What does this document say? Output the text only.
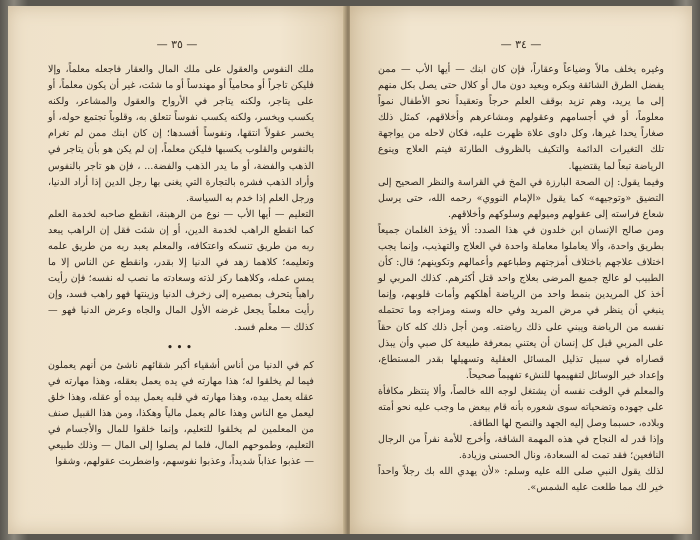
— ٣٥ —

ملك النفوس والعقول على ملك المال والعقار فاجعله معلماً، وإلا فليكن تاجراً أو محامياً أو مهندساً أو ما شئت، غير أن يكون معلماً، أو على يتاجر، ولكنه يتاجر في الأرواح والعقول والمشاعر، ولكنه يكسب ويخسر، ولكنه يكسب نفوساً تتعلق به، وقلوباً تجتمع حوله، أو يخسر عقولاً انتقها، ونفوساً أفسدها؛ إن كان ابنك ممن لم تغرام بالنفوس والقلوب يكسبها فليكن معلماً، إن لم يكن هو بأن يتاجر في الذهب والفضة، أو ما يدر الذهب والفضة... ، فإن هو تاجر بالنفوس وأراد الذهب فشره بالتجارة التي يغنى بها رجل الدين إذا أراد الدنيا، ورجل العلم إذا خدم به السياسة.

التعليم — أيها الأب — نوع من الرهبنة، انقطع صاحبه لخدمة العلم كما انقطع الراهب لخدمة الدين، أو إن شئت فقل إن الراهب يبعد ربه من طريق تنسكه واعتكافه، والمعلم يعبد ربه من طريق علمه وتعليمه؛ كلاهما زهد في الدنيا إلا بقدر، وانقطع عن الناس إلا ما يمس عمله، وكلاهما ركز لذته وسعادته ما نصب له نفسه؛ فإن رأيت راهباً يتحرف بمصيره إلى زخرف الدنيا وزينتها فهو راهب فسد، وإن رأيت معلماً يجعل غرضه الأول المال والجاه وعرض الدنيا فهو — كذلك — معلم فسد.

•••

كم في الدنيا من أناس أشقياء أكبر شقائهم ناشئ من أنهم يعملون فيما لم يخلقوا له؛ هذا مهارته في يده يعمل بعقله، وهذا مهارته في عقله يعمل بيده، وهذا مهارته في قلبه يعمل بيده أو عقله، وهذا خلق ليعمل مع الناس وهذا عالم يعمل مالياً وهكذا، ومن هذا القبيل صنف من المعلمين لم يخلقوا للتعليم، وإنما خلقوا للمال والأجسام في التعليم، وطموحهم المال، فلما لم يصلوا إلى المال — وذلك طبيعي — عذبوا عذاباً شديداً، وعذبوا نفوسهم، واضطربت عقولهم، وشقوا

— ٣٤ —

وغيره يخلف مالاً وضياعاً وعقاراً، فإن كان ابنك — أيها الأب — ممن يفضل الطرق الشائقة وبكره وبعيد دون مال أو كلال حتى يصل بكل منهم إلى ما يريد، وهم تزيد بوقف العلم حرجاً وتعقيداً نحو الأطفال نمواً معلوماً، أو في أجسامهم وعقولهم ومشاعرهم وأخلاقهم، كمثل ذلك صغاراً يحدا غيرها، وكل داوى علاة ظهرت عليه، فكان لاحله من يواجهة تلك التغيرات الدائمة والتكيف بالظروف الطارئة فيتم العلاج وينوع الرياضة تبعاً لما يقتضيها.

وفيما يقول: إن الصحة البارزة في المخ في القراسة والنظر الصحيح إلى التضيق «وتوجيهه» كما يقول «الإمام النووي» رحمه الله، حتى يرسل شعاع فراسته إلى عقولهم وميولهم وسلوكهم وأخلاقهم.

ومن صالح الإنسان ابن خلدون في هذا الصدد: ألا يؤخذ الغلمان جميعاً بطريق واحدة، وألا يعاملوا معاملة واحدة في العلاج والتهذيب، وإنما يجب اختلاف علاجهم باختلاف أمزجتهم وطباعهم وأعمالهم وتكوينهم؛ قال: كأن الطبيب لو عالج جميع المرضى بعلاج واحد قتل أكثرهم. كذلك المربي لو أخذ كل المريدين بنمط واحد من الرياضة أهلكهم وأمات قلوبهم، وإنما ينبغي أن ينظر في مرض المريد وفي حاله وسنه ومزاجه وما تحتمله نفسه من الرياضة ويبني على ذلك رياضته. ومن أجل ذلك كله كان حقاً على المربي قبل كل إنسان أن يعتني بمعرفة طبيعة كل صبي وأن يبذل قصاراه في سبيل تذليل المسائل العقلية وتسهيلها بقدر المستطاع، وإعداد خير الوسائل لتفهيمها للنشء تفهيماً صحيحاً.

والمعلم في الوقت نفسه أن يشتغل لوجه الله خالصاً، وألا ينتظر مكافأة على جهوده وتضحياته سوى شعوره بأنه قام ببعض ما وجب عليه نحو أمته وبلاده، حسبما وصل إليه الجهد والنصح لها الطاقة.

وإذا قدر له النجاح في هذه المهمة الشاقة، وأخرج للأمة نفراً من الرجال النافعين؛ فقد تمت له السعادة، ونال الحسنى وزيادة.

لذلك يقول النبي صلى الله عليه وسلم: «لأن يهدي الله بك رجلاً واحداً خير لك مما طلعت عليه الشمس».
